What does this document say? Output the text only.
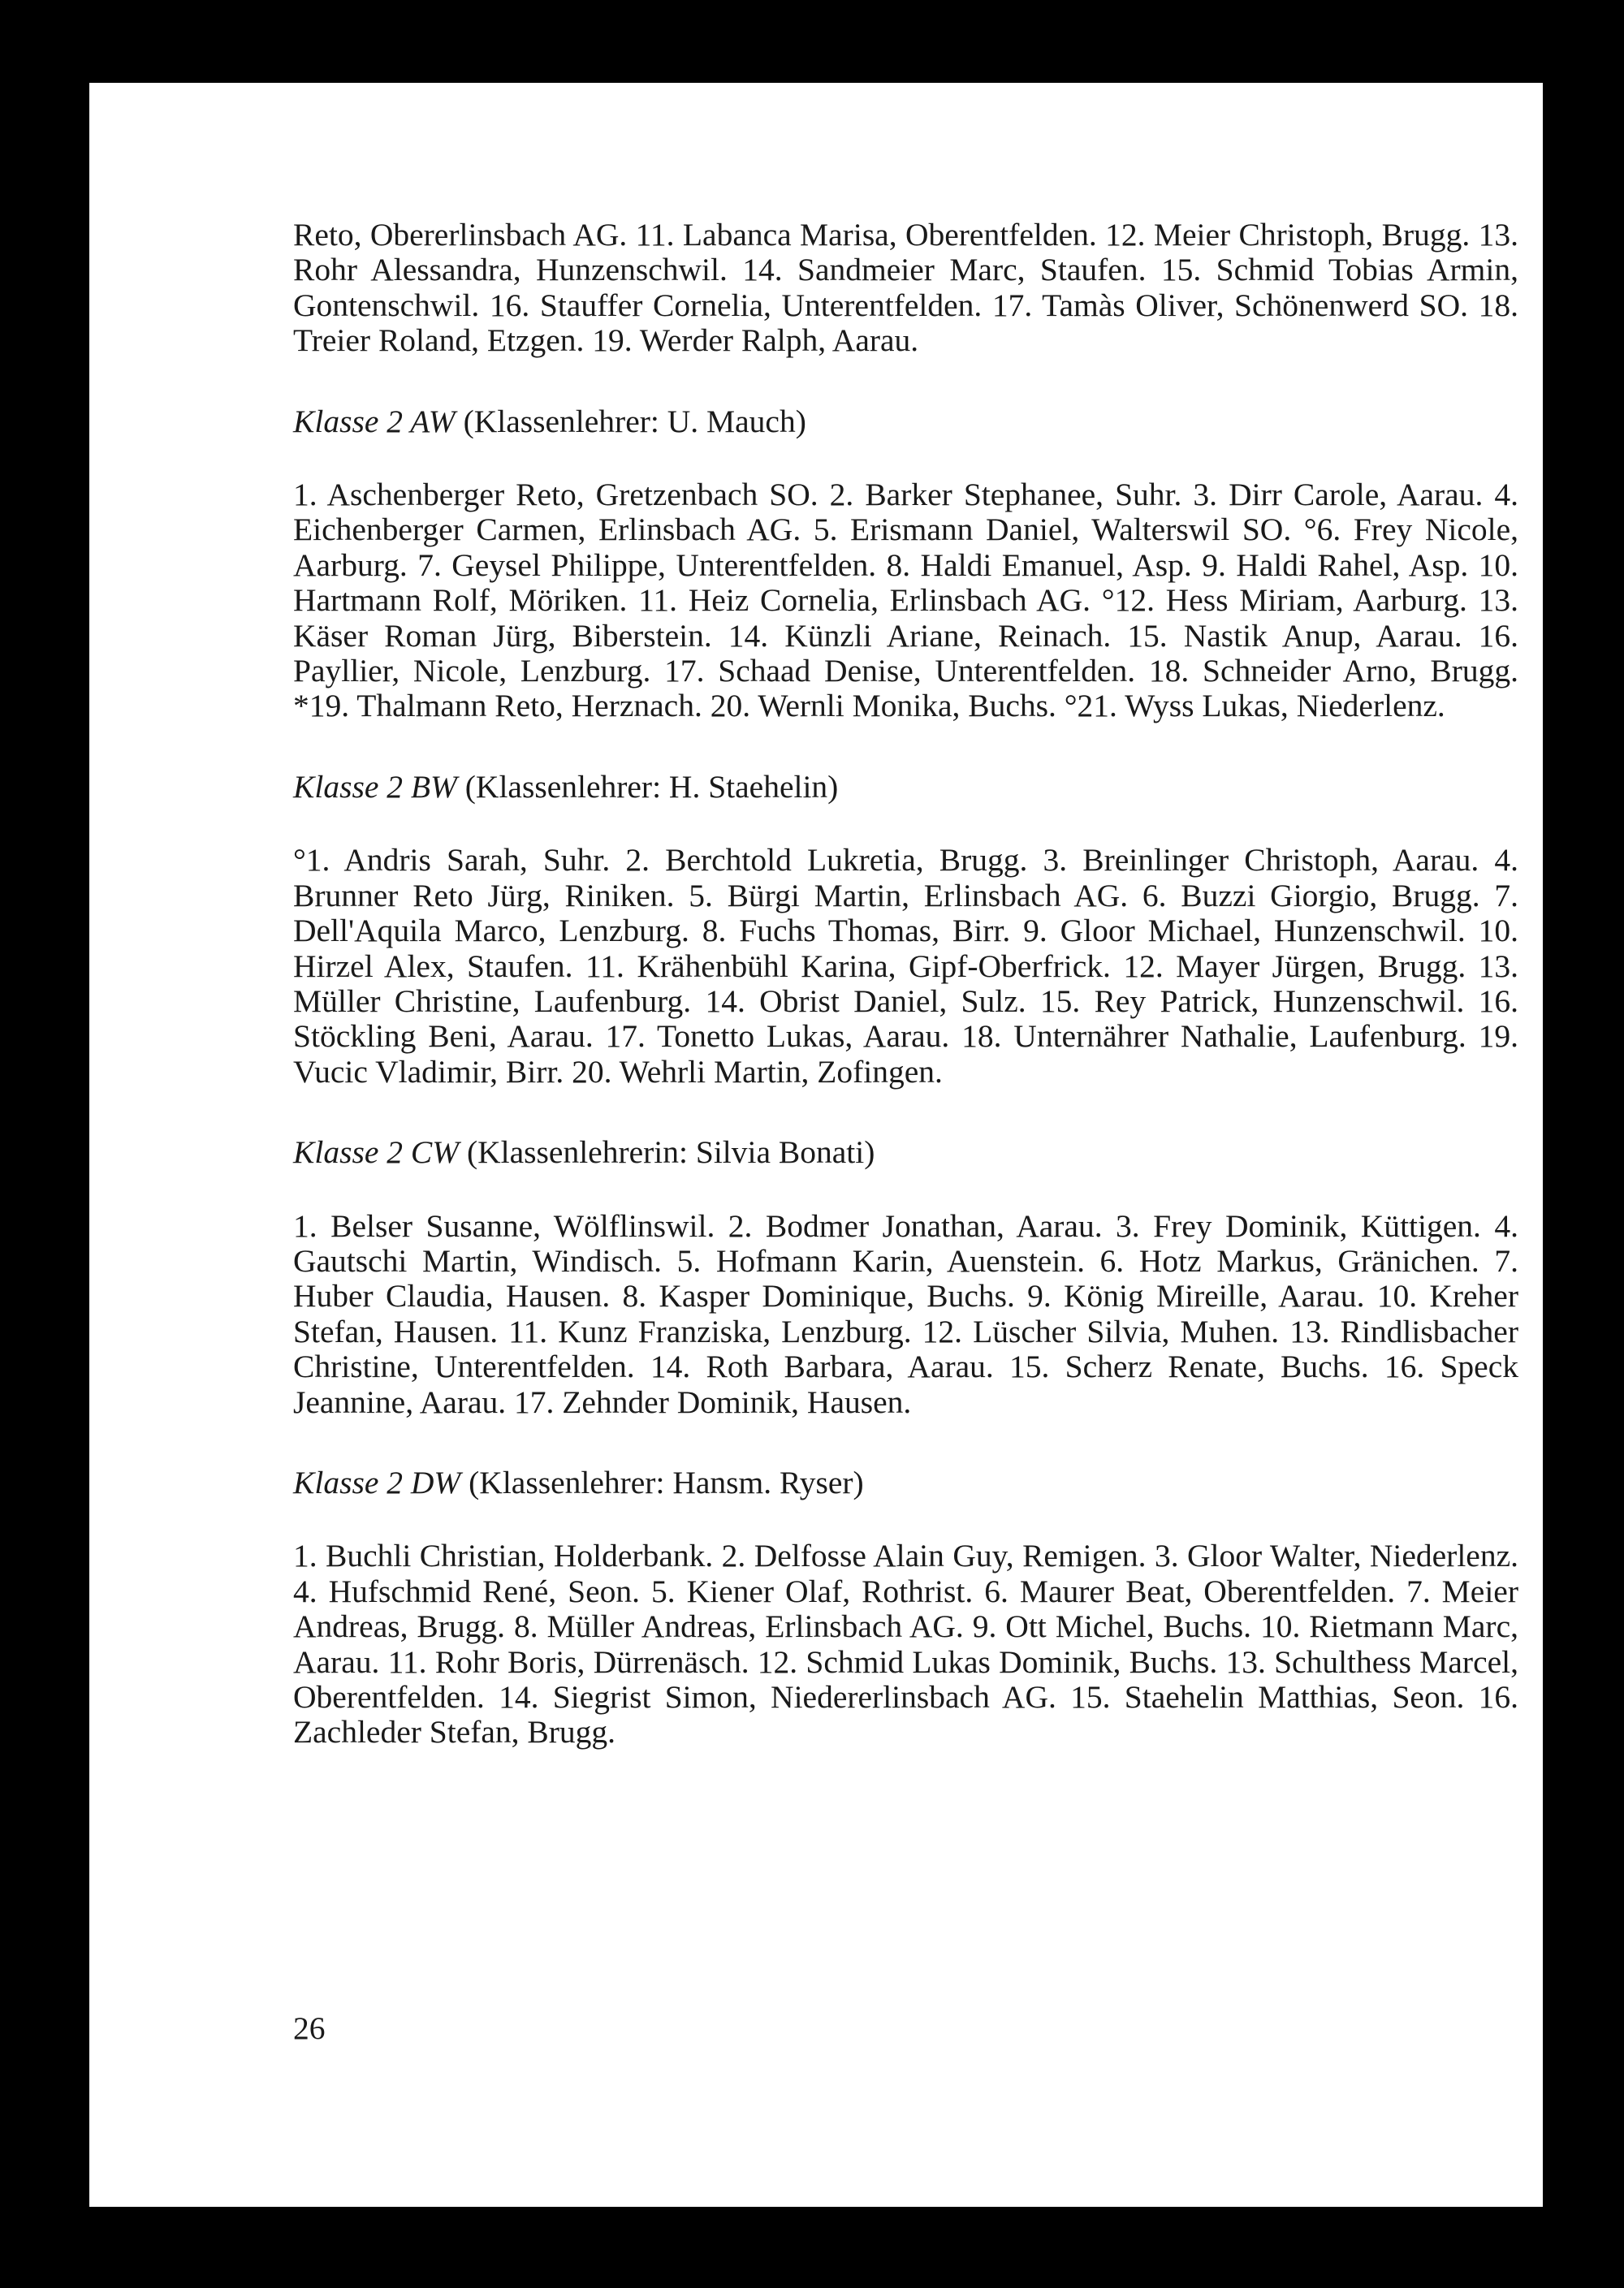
Reto, Obererlinsbach AG. 11. Labanca Marisa, Oberentfelden. 12. Meier Christoph, Brugg. 13. Rohr Alessandra, Hunzenschwil. 14. Sandmeier Marc, Staufen. 15. Schmid Tobias Armin, Gontenschwil. 16. Stauffer Cornelia, Unterentfelden. 17. Tamàs Oliver, Schönenwerd SO. 18. Treier Roland, Etzgen. 19. Werder Ralph, Aarau.

Klasse 2 AW (Klassenlehrer: U. Mauch)

1. Aschenberger Reto, Gretzenbach SO. 2. Barker Stephanee, Suhr. 3. Dirr Carole, Aarau. 4. Eichenberger Carmen, Erlinsbach AG. 5. Erismann Daniel, Walterswil SO. °6. Frey Nicole, Aarburg. 7. Geysel Philippe, Unterentfelden. 8. Haldi Emanuel, Asp. 9. Haldi Rahel, Asp. 10. Hartmann Rolf, Möriken. 11. Heiz Cornelia, Erlinsbach AG. °12. Hess Miriam, Aarburg. 13. Käser Roman Jürg, Biberstein. 14. Künzli Ariane, Reinach. 15. Nastik Anup, Aarau. 16. Payllier, Nicole, Lenzburg. 17. Schaad Denise, Unterentfelden. 18. Schneider Arno, Brugg. *19. Thalmann Reto, Herznach. 20. Wernli Monika, Buchs. °21. Wyss Lukas, Niederlenz.

Klasse 2 BW (Klassenlehrer: H. Staehelin)

°1. Andris Sarah, Suhr. 2. Berchtold Lukretia, Brugg. 3. Breinlinger Christoph, Aarau. 4. Brunner Reto Jürg, Riniken. 5. Bürgi Martin, Erlinsbach AG. 6. Buzzi Giorgio, Brugg. 7. Dell'Aquila Marco, Lenzburg. 8. Fuchs Thomas, Birr. 9. Gloor Michael, Hunzenschwil. 10. Hirzel Alex, Staufen. 11. Krähenbühl Karina, Gipf-Oberfrick. 12. Mayer Jürgen, Brugg. 13. Müller Christine, Laufenburg. 14. Obrist Daniel, Sulz. 15. Rey Patrick, Hunzenschwil. 16. Stöckling Beni, Aarau. 17. Tonetto Lukas, Aarau. 18. Unternährer Nathalie, Laufenburg. 19. Vucic Vladimir, Birr. 20. Wehrli Martin, Zofingen.

Klasse 2 CW (Klassenlehrerin: Silvia Bonati)

1. Belser Susanne, Wölflinswil. 2. Bodmer Jonathan, Aarau. 3. Frey Dominik, Küttigen. 4. Gautschi Martin, Windisch. 5. Hofmann Karin, Auenstein. 6. Hotz Markus, Gränichen. 7. Huber Claudia, Hausen. 8. Kasper Dominique, Buchs. 9. König Mireille, Aarau. 10. Kreher Stefan, Hausen. 11. Kunz Franziska, Lenzburg. 12. Lüscher Silvia, Muhen. 13. Rindlisbacher Christine, Unterentfelden. 14. Roth Barbara, Aarau. 15. Scherz Renate, Buchs. 16. Speck Jeannine, Aarau. 17. Zehnder Dominik, Hausen.

Klasse 2 DW (Klassenlehrer: Hansm. Ryser)

1. Buchli Christian, Holderbank. 2. Delfosse Alain Guy, Remigen. 3. Gloor Walter, Niederlenz. 4. Hufschmid René, Seon. 5. Kiener Olaf, Rothrist. 6. Maurer Beat, Oberentfelden. 7. Meier Andreas, Brugg. 8. Müller Andreas, Erlinsbach AG. 9. Ott Michel, Buchs. 10. Rietmann Marc, Aarau. 11. Rohr Boris, Dürrenäsch. 12. Schmid Lukas Dominik, Buchs. 13. Schulthess Marcel, Oberentfelden. 14. Siegrist Simon, Niedererlinsbach AG. 15. Staehelin Matthias, Seon. 16. Zachleder Stefan, Brugg.

26
